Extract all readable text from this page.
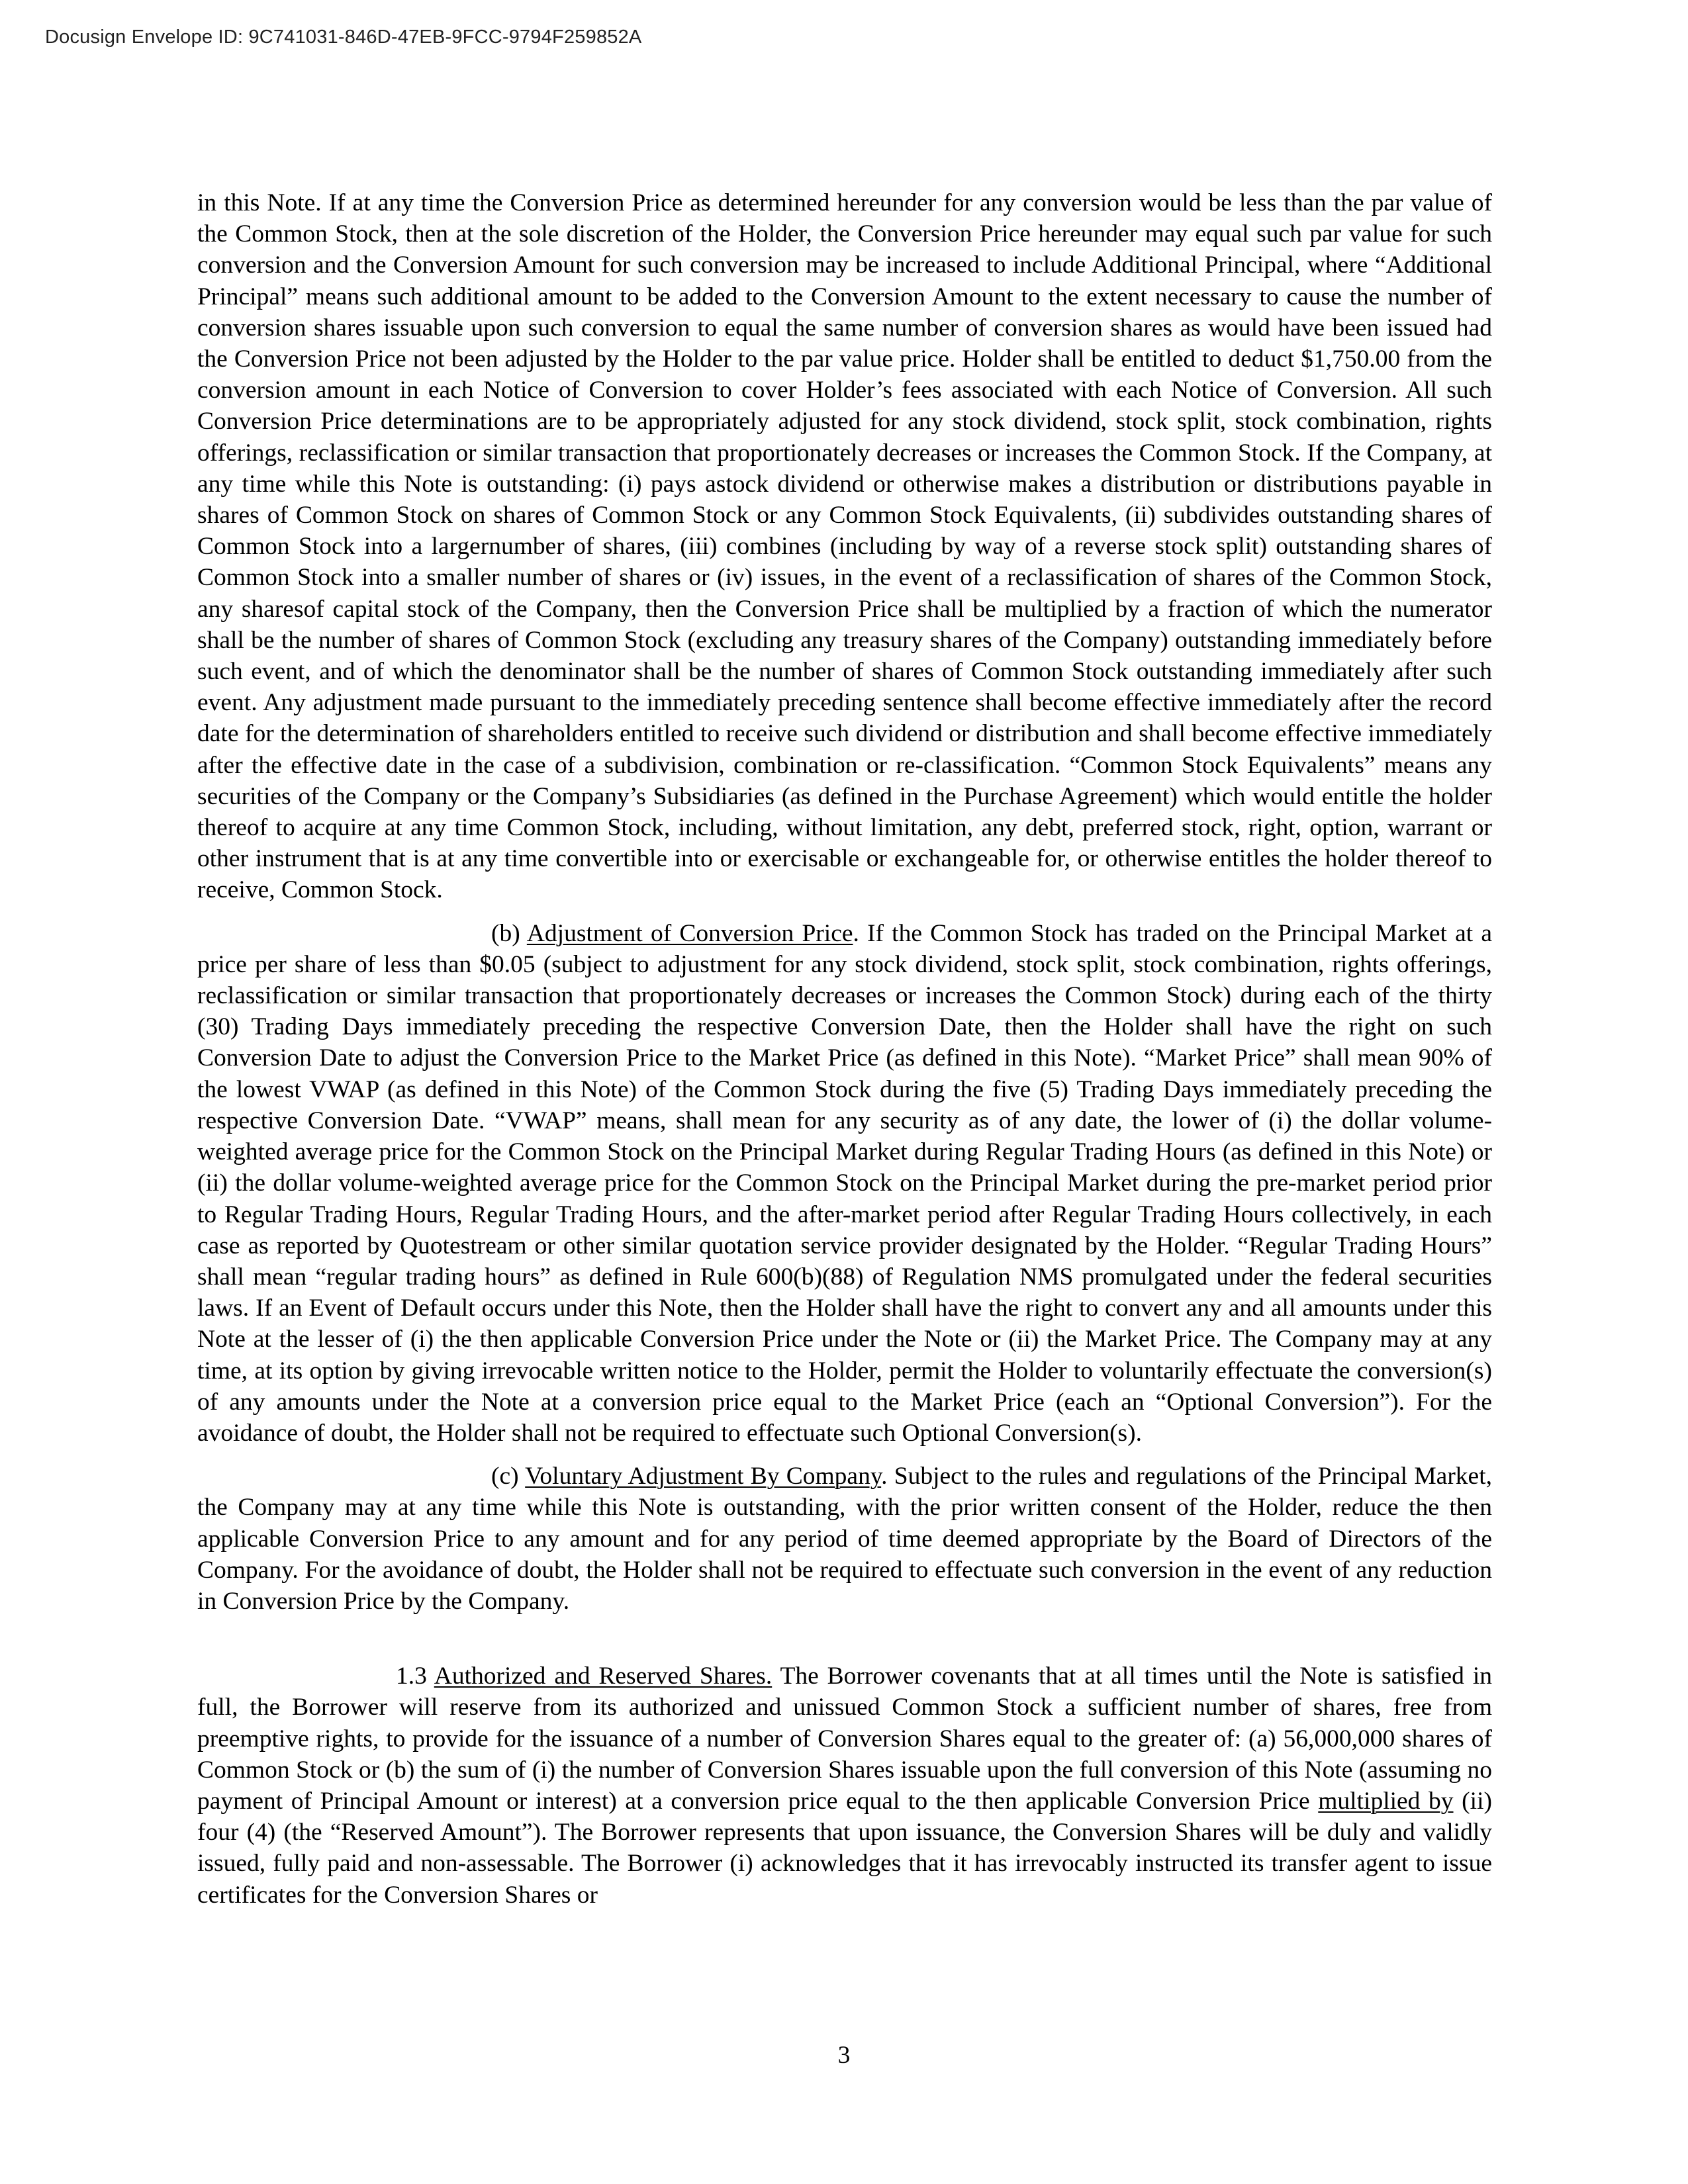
Docusign Envelope ID: 9C741031-846D-47EB-9FCC-9794F259852A

in this Note. If at any time the Conversion Price as determined hereunder for any conversion would be less than the par value of the Common Stock, then at the sole discretion of the Holder, the Conversion Price hereunder may equal such par value for such conversion and the Conversion Amount for such conversion may be increased to include Additional Principal, where “Additional Principal” means such additional amount to be added to the Conversion Amount to the extent necessary to cause the number of conversion shares issuable upon such conversion to equal the same number of conversion shares as would have been issued had the Conversion Price not been adjusted by the Holder to the par value price. Holder shall be entitled to deduct $1,750.00 from the conversion amount in each Notice of Conversion to cover Holder’s fees associated with each Notice of Conversion. All such Conversion Price determinations are to be appropriately adjusted for any stock dividend, stock split, stock combination, rights offerings, reclassification or similar transaction that proportionately decreases or increases the Common Stock. If the Company, at any time while this Note is outstanding: (i) pays astock dividend or otherwise makes a distribution or distributions payable in shares of Common Stock on shares of Common Stock or any Common Stock Equivalents, (ii) subdivides outstanding shares of Common Stock into a largernumber of shares, (iii) combines (including by way of a reverse stock split) outstanding shares of Common Stock into a smaller number of shares or (iv) issues, in the event of a reclassification of shares of the Common Stock, any sharesof capital stock of the Company, then the Conversion Price shall be multiplied by a fraction of which the numerator shall be the number of shares of Common Stock (excluding any treasury shares of the Company) outstanding immediately before such event, and of which the denominator shall be the number of shares of Common Stock outstanding immediately after such event. Any adjustment made pursuant to the immediately preceding sentence shall become effective immediately after the record date for the determination of shareholders entitled to receive such dividend or distribution and shall become effective immediately after the effective date in the case of a subdivision, combination or re-classification. “Common Stock Equivalents” means any securities of the Company or the Company’s Subsidiaries (as defined in the Purchase Agreement) which would entitle the holder thereof to acquire at any time Common Stock, including, without limitation, any debt, preferred stock, right, option, warrant or other instrument that is at any time convertible into or exercisable or exchangeable for, or otherwise entitles the holder thereof to receive, Common Stock.

(b) Adjustment of Conversion Price. If the Common Stock has traded on the Principal Market at a price per share of less than $0.05 (subject to adjustment for any stock dividend, stock split, stock combination, rights offerings, reclassification or similar transaction that proportionately decreases or increases the Common Stock) during each of the thirty (30) Trading Days immediately preceding the respective Conversion Date, then the Holder shall have the right on such Conversion Date to adjust the Conversion Price to the Market Price (as defined in this Note). “Market Price” shall mean 90% of the lowest VWAP (as defined in this Note) of the Common Stock during the five (5) Trading Days immediately preceding the respective Conversion Date. “VWAP” means, shall mean for any security as of any date, the lower of (i) the dollar volume-weighted average price for the Common Stock on the Principal Market during Regular Trading Hours (as defined in this Note) or (ii) the dollar volume-weighted average price for the Common Stock on the Principal Market during the pre-market period prior to Regular Trading Hours, Regular Trading Hours, and the after-market period after Regular Trading Hours collectively, in each case as reported by Quotestream or other similar quotation service provider designated by the Holder. “Regular Trading Hours” shall mean “regular trading hours” as defined in Rule 600(b)(88) of Regulation NMS promulgated under the federal securities laws. If an Event of Default occurs under this Note, then the Holder shall have the right to convert any and all amounts under this Note at the lesser of (i) the then applicable Conversion Price under the Note or (ii) the Market Price. The Company may at any time, at its option by giving irrevocable written notice to the Holder, permit the Holder to voluntarily effectuate the conversion(s) of any amounts under the Note at a conversion price equal to the Market Price (each an “Optional Conversion”). For the avoidance of doubt, the Holder shall not be required to effectuate such Optional Conversion(s).

(c) Voluntary Adjustment By Company. Subject to the rules and regulations of the Principal Market, the Company may at any time while this Note is outstanding, with the prior written consent of the Holder, reduce the then applicable Conversion Price to any amount and for any period of time deemed appropriate by the Board of Directors of the Company. For the avoidance of doubt, the Holder shall not be required to effectuate such conversion in the event of any reduction in Conversion Price by the Company.

1.3 Authorized and Reserved Shares. The Borrower covenants that at all times until the Note is satisfied in full, the Borrower will reserve from its authorized and unissued Common Stock a sufficient number of shares, free from preemptive rights, to provide for the issuance of a number of Conversion Shares equal to the greater of: (a) 56,000,000 shares of Common Stock or (b) the sum of (i) the number of Conversion Shares issuable upon the full conversion of this Note (assuming no payment of Principal Amount or interest) at a conversion price equal to the then applicable Conversion Price multiplied by (ii) four (4) (the “Reserved Amount”). The Borrower represents that upon issuance, the Conversion Shares will be duly and validly issued, fully paid and non-assessable. The Borrower (i) acknowledges that it has irrevocably instructed its transfer agent to issue certificates for the Conversion Shares or

3
